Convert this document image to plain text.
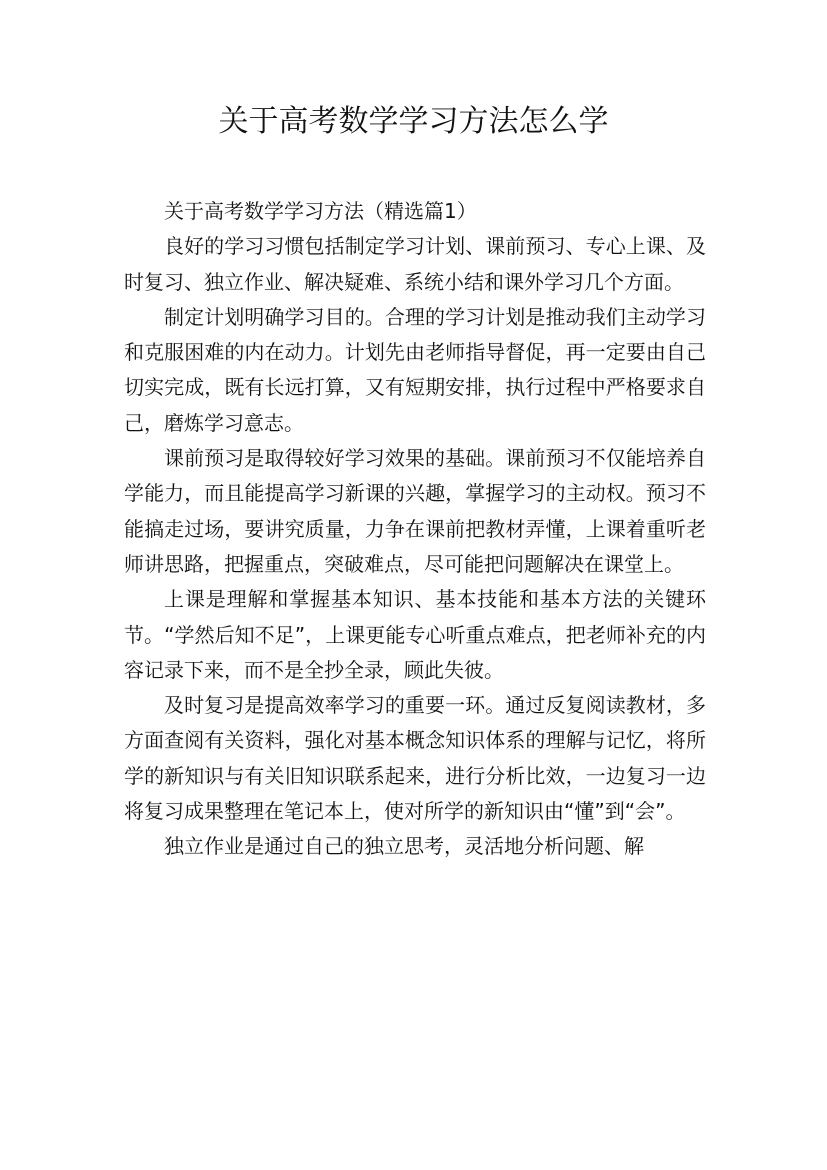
关于高考数学学习方法怎么学

关于高考数学学习方法（精选篇1）

良好的学习习惯包括制定学习计划、课前预习、专心上课、及时复习、独立作业、解决疑难、系统小结和课外学习几个方面。

制定计划明确学习目的。合理的学习计划是推动我们主动学习和克服困难的内在动力。计划先由老师指导督促，再一定要由自己切实完成，既有长远打算，又有短期安排，执行过程中严格要求自己，磨炼学习意志。

课前预习是取得较好学习效果的基础。课前预习不仅能培养自学能力，而且能提高学习新课的兴趣，掌握学习的主动权。预习不能搞走过场，要讲究质量，力争在课前把教材弄懂，上课着重听老师讲思路，把握重点，突破难点，尽可能把问题解决在课堂上。

上课是理解和掌握基本知识、基本技能和基本方法的关键环节。“学然后知不足”，上课更能专心听重点难点，把老师补充的内容记录下来，而不是全抄全录，顾此失彼。

及时复习是提高效率学习的重要一环。通过反复阅读教材，多方面查阅有关资料，强化对基本概念知识体系的理解与记忆，将所学的新知识与有关旧知识联系起来，进行分析比效，一边复习一边将复习成果整理在笔记本上，使对所学的新知识由“懂”到“会”。

独立作业是通过自己的独立思考，灵活地分析问题、解
